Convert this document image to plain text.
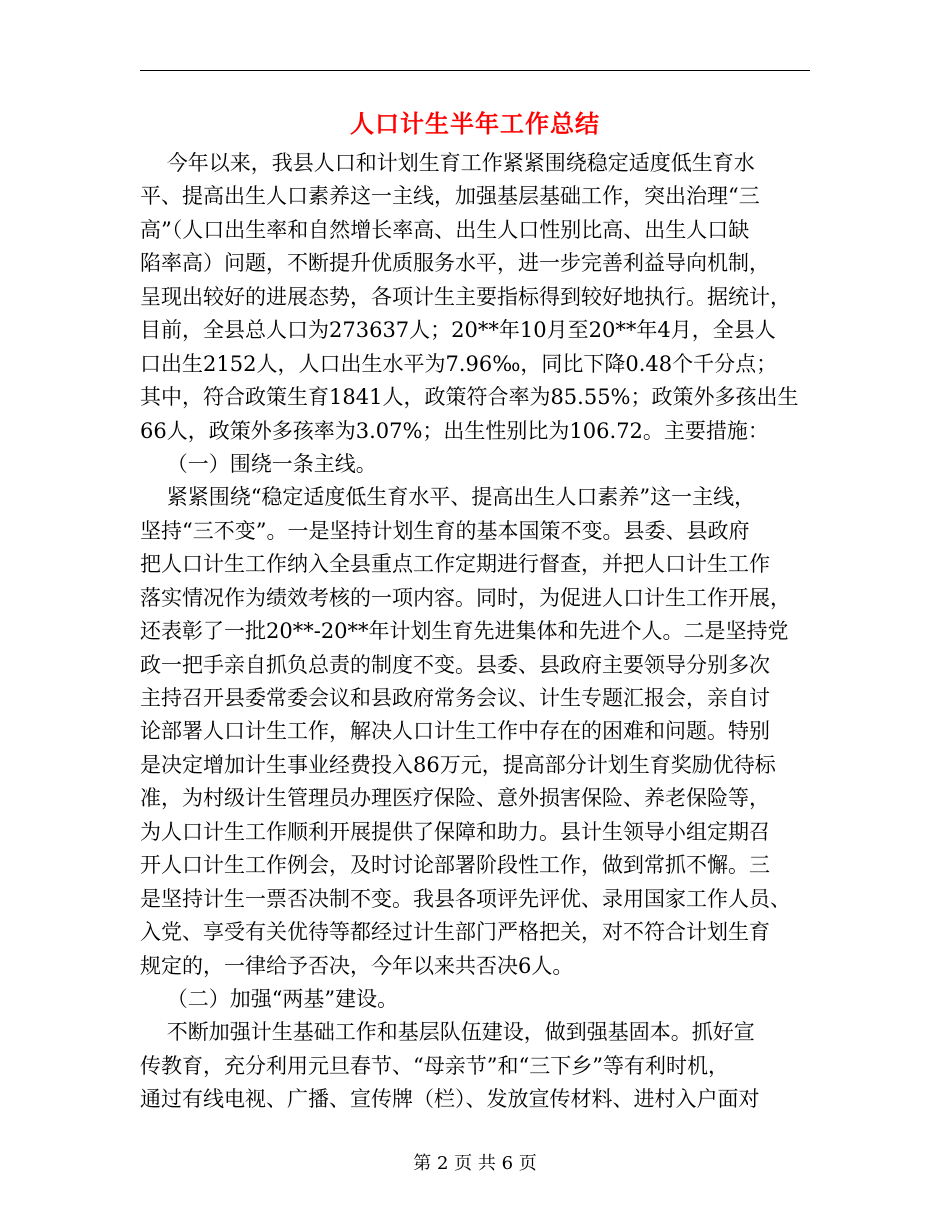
人口计生半年工作总结
今年以来，我县人口和计划生育工作紧紧围绕稳定适度低生育水
平、提高出生人口素养这一主线，加强基层基础工作，突出治理“三
高”（人口出生率和自然增长率高、出生人口性别比高、出生人口缺
陷率高）问题，不断提升优质服务水平，进一步完善利益导向机制，
呈现出较好的进展态势，各项计生主要指标得到较好地执行。据统计，
目前，全县总人口为273637人；20**年10月至20**年4月，全县人
口出生2152人，人口出生水平为7.96‰，同比下降0.48个千分点；
其中，符合政策生育1841人，政策符合率为85.55%；政策外多孩出生
66人，政策外多孩率为3.07%；出生性别比为106.72。主要措施：
（一）围绕一条主线。
紧紧围绕“稳定适度低生育水平、提高出生人口素养”这一主线，
坚持“三不变”。一是坚持计划生育的基本国策不变。县委、县政府
把人口计生工作纳入全县重点工作定期进行督查，并把人口计生工作
落实情况作为绩效考核的一项内容。同时，为促进人口计生工作开展，
还表彰了一批20**-20**年计划生育先进集体和先进个人。二是坚持党
政一把手亲自抓负总责的制度不变。县委、县政府主要领导分别多次
主持召开县委常委会议和县政府常务会议、计生专题汇报会，亲自讨
论部署人口计生工作，解决人口计生工作中存在的困难和问题。特别
是决定增加计生事业经费投入86万元，提高部分计划生育奖励优待标
准，为村级计生管理员办理医疗保险、意外损害保险、养老保险等，
为人口计生工作顺利开展提供了保障和助力。县计生领导小组定期召
开人口计生工作例会，及时讨论部署阶段性工作，做到常抓不懈。三
是坚持计生一票否决制不变。我县各项评先评优、录用国家工作人员、
入党、享受有关优待等都经过计生部门严格把关，对不符合计划生育
规定的，一律给予否决，今年以来共否决6人。
（二）加强“两基”建设。
不断加强计生基础工作和基层队伍建设，做到强基固本。抓好宣
传教育，充分利用元旦春节、“母亲节”和“三下乡”等有利时机，
通过有线电视、广播、宣传牌（栏）、发放宣传材料、进村入户面对
第 2 页 共 6 页
